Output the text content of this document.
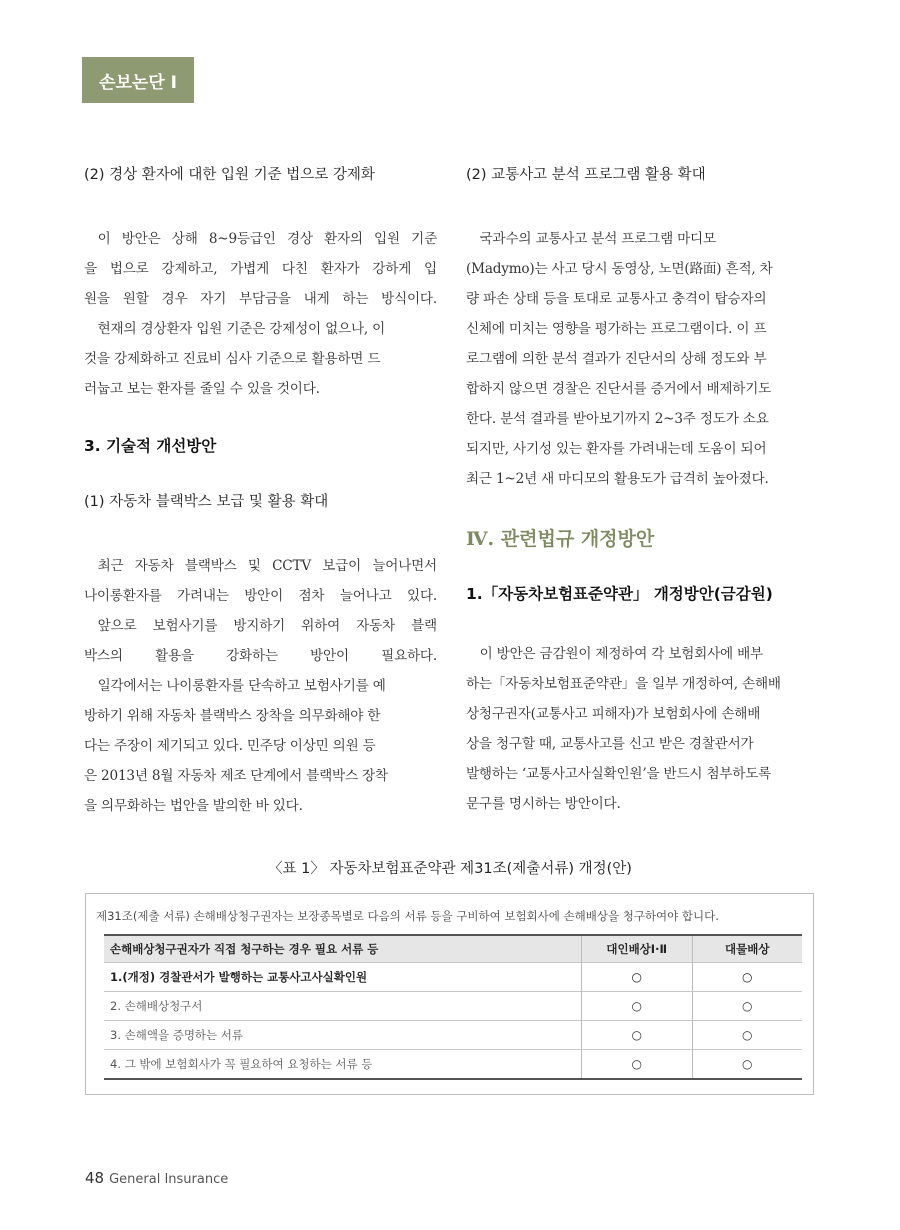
손보논단 Ⅰ

(2) 경상 환자에 대한 입원 기준 법으로 강제화

이 방안은 상해 8~9등급인 경상 환자의 입원 기준
을 법으로 강제하고, 가볍게 다친 환자가 강하게 입
원을 원할 경우 자기 부담금을 내게 하는 방식이다.

현재의 경상환자 입원 기준은 강제성이 없으나, 이
것을 강제화하고 진료비 심사 기준으로 활용하면 드
러눕고 보는 환자를 줄일 수 있을 것이다.

3. 기술적 개선방안

(1) 자동차 블랙박스 보급 및 활용 확대

최근 자동차 블랙박스 및 CCTV 보급이 늘어나면서
나이롱환자를 가려내는 방안이 점차 늘어나고 있다.

앞으로 보험사기를 방지하기 위하여 자동차 블랙
박스의 활용을 강화하는 방안이 필요하다.

일각에서는 나이롱환자를 단속하고 보험사기를 예
방하기 위해 자동차 블랙박스 장착을 의무화해야 한
다는 주장이 제기되고 있다. 민주당 이상민 의원 등
은 2013년 8월 자동차 제조 단계에서 블랙박스 장착
을 의무화하는 법안을 발의한 바 있다.

(2) 교통사고 분석 프로그램 활용 확대

국과수의 교통사고 분석 프로그램 마디모
(Madymo)는 사고 당시 동영상, 노면(路面) 흔적, 차
량 파손 상태 등을 토대로 교통사고 충격이 탑승자의
신체에 미치는 영향을 평가하는 프로그램이다. 이 프
로그램에 의한 분석 결과가 진단서의 상해 정도와 부
합하지 않으면 경찰은 진단서를 증거에서 배제하기도
한다. 분석 결과를 받아보기까지 2~3주 정도가 소요
되지만, 사기성 있는 환자를 가려내는데 도움이 되어
최근 1~2년 새 마디모의 활용도가 급격히 높아졌다.

Ⅳ. 관련법규 개정방안

1.「자동차보험표준약관」 개정방안(금감원)

이 방안은 금감원이 제정하여 각 보험회사에 배부
하는「자동차보험표준약관」을 일부 개정하여, 손해배
상청구권자(교통사고 피해자)가 보험회사에 손해배
상을 청구할 때, 교통사고를 신고 받은 경찰관서가
발행하는 ‘교통사고사실확인원’을 반드시 첨부하도록
문구를 명시하는 방안이다.

〈표 1〉 자동차보험표준약관 제31조(제출서류) 개정(안)
제31조(제출 서류) 손해배상청구권자는 보장종목별로 다음의 서류 등을 구비하여 보험회사에 손해배상을 청구하여야 합니다.
손해배상청구권자가 직접 청구하는 경우 필요 서류 등	대인배상Ⅰ·Ⅱ	대물배상
1.(개정) 경찰관서가 발행하는 교통사고사실확인원	○	○
2. 손해배상청구서	○	○
3. 손해액을 증명하는 서류	○	○
4. 그 밖에 보험회사가 꼭 필요하여 요청하는 서류 등	○	○
48 General Insurance
